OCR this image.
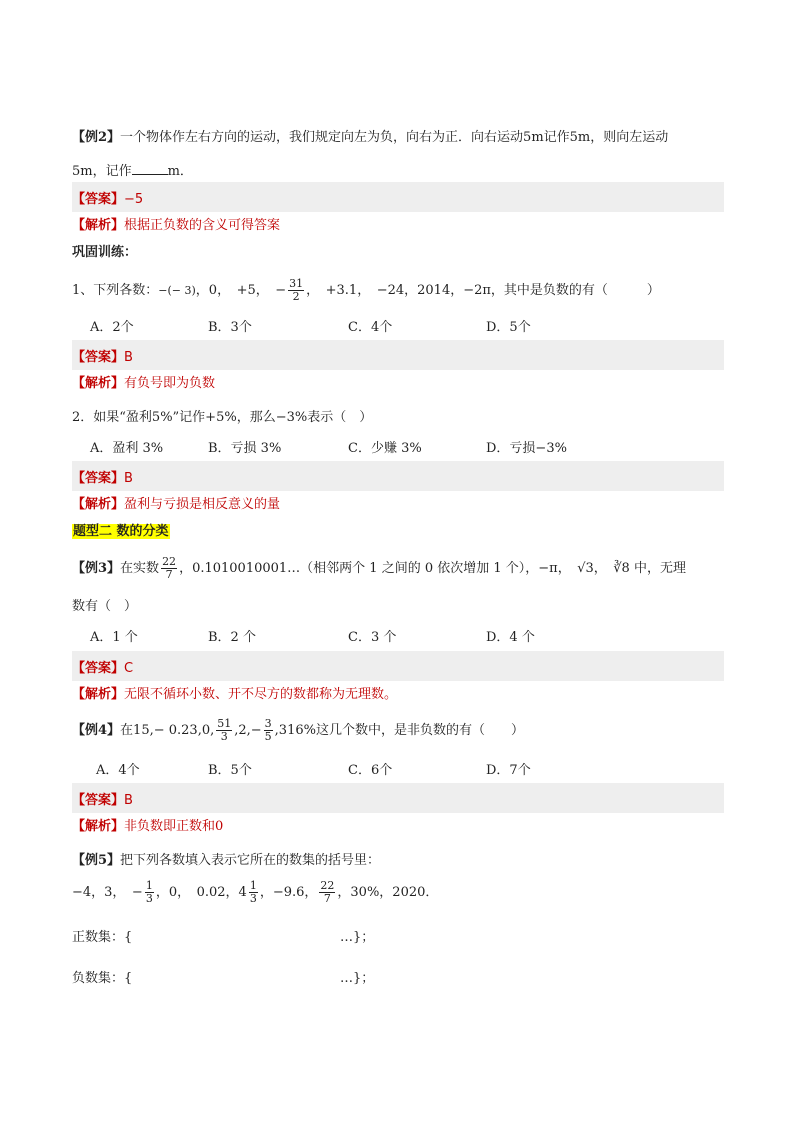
【例2】一个物体作左右方向的运动，我们规定向左为负，向右为正．向右运动5m记作5m，则向左运动
5m，记作	m．
【答案】−5
【解析】根据正负数的含义可得答案
巩固训练：
1、下列各数：−(− 3)，0，　+5，　− $\frac{31}{2}$ ，　+3.1，　−24，2014，−2π，其中是负数的有（　　　）
A．2个	B．3个	C．4个	D．5个
【答案】B
【解析】有负号即为负数
2．如果“盈利5%”记作+5%，那么−3%表示（　）
A．盈利 3%	B．亏损 3%	C．少赚 3%	D．亏损−3%
【答案】B
【解析】盈利与亏损是相反意义的量
题型二 数的分类
【例3】在实数 $\frac{22}{7}$ ，0.1010010001…（相邻两个 1 之间的 0 依次增加 1 个），−π，　√3，　∛8 中，无理
数有（　）
A．1 个	B．2 个	C．3 个	D．4 个
【答案】C
【解析】无限不循环小数、开不尽方的数都称为无理数。
【例4】在15,− 0.23,0, $\frac{51}{3} ,2,- \frac{3}{5} ,316\%$这几个数中，是非负数的有（　　）
A．4个	B．5个	C．6个	D．7个
【答案】B
【解析】非负数即正数和0
【例5】把下列各数填入表示它所在的数集的括号里：
−4，3，　− $\frac{1}{3}$ ，0，　0.02，$4 \frac{1}{3}$ ，−9.6， $\frac{22}{7}$ ，30%，2020．
正数集：{	…}；
负数集：{	…}；
